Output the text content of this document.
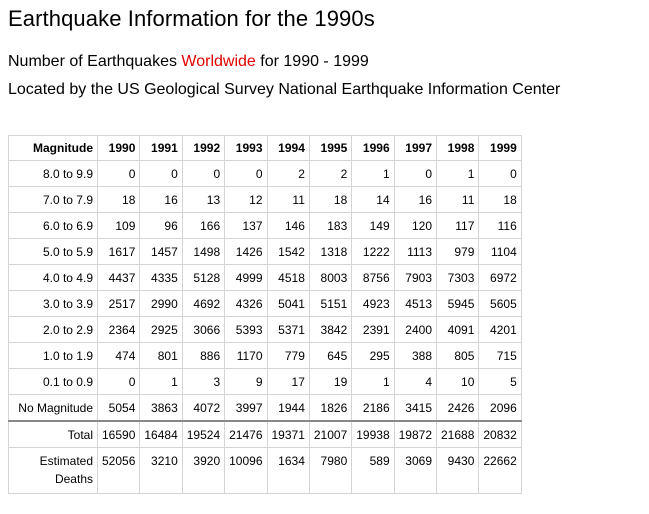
Earthquake Information for the 1990s
Number of Earthquakes Worldwide for 1990 - 1999
Located by the US Geological Survey National Earthquake Information Center
Magnitude	1990	1991	1992	1993	1994	1995	1996	1997	1998	1999
8.0 to 9.9	0	0	0	0	2	2	1	0	1	0
7.0 to 7.9	18	16	13	12	11	18	14	16	11	18
6.0 to 6.9	109	96	166	137	146	183	149	120	117	116
5.0 to 5.9	1617	1457	1498	1426	1542	1318	1222	1113	979	1104
4.0 to 4.9	4437	4335	5128	4999	4518	8003	8756	7903	7303	6972
3.0 to 3.9	2517	2990	4692	4326	5041	5151	4923	4513	5945	5605
2.0 to 2.9	2364	2925	3066	5393	5371	3842	2391	2400	4091	4201
1.0 to 1.9	474	801	886	1170	779	645	295	388	805	715
0.1 to 0.9	0	1	3	9	17	19	1	4	10	5
No Magnitude	5054	3863	4072	3997	1944	1826	2186	3415	2426	2096
Total	16590	16484	19524	21476	19371	21007	19938	19872	21688	20832
Estimated Deaths	52056	3210	3920	10096	1634	7980	589	3069	9430	22662
